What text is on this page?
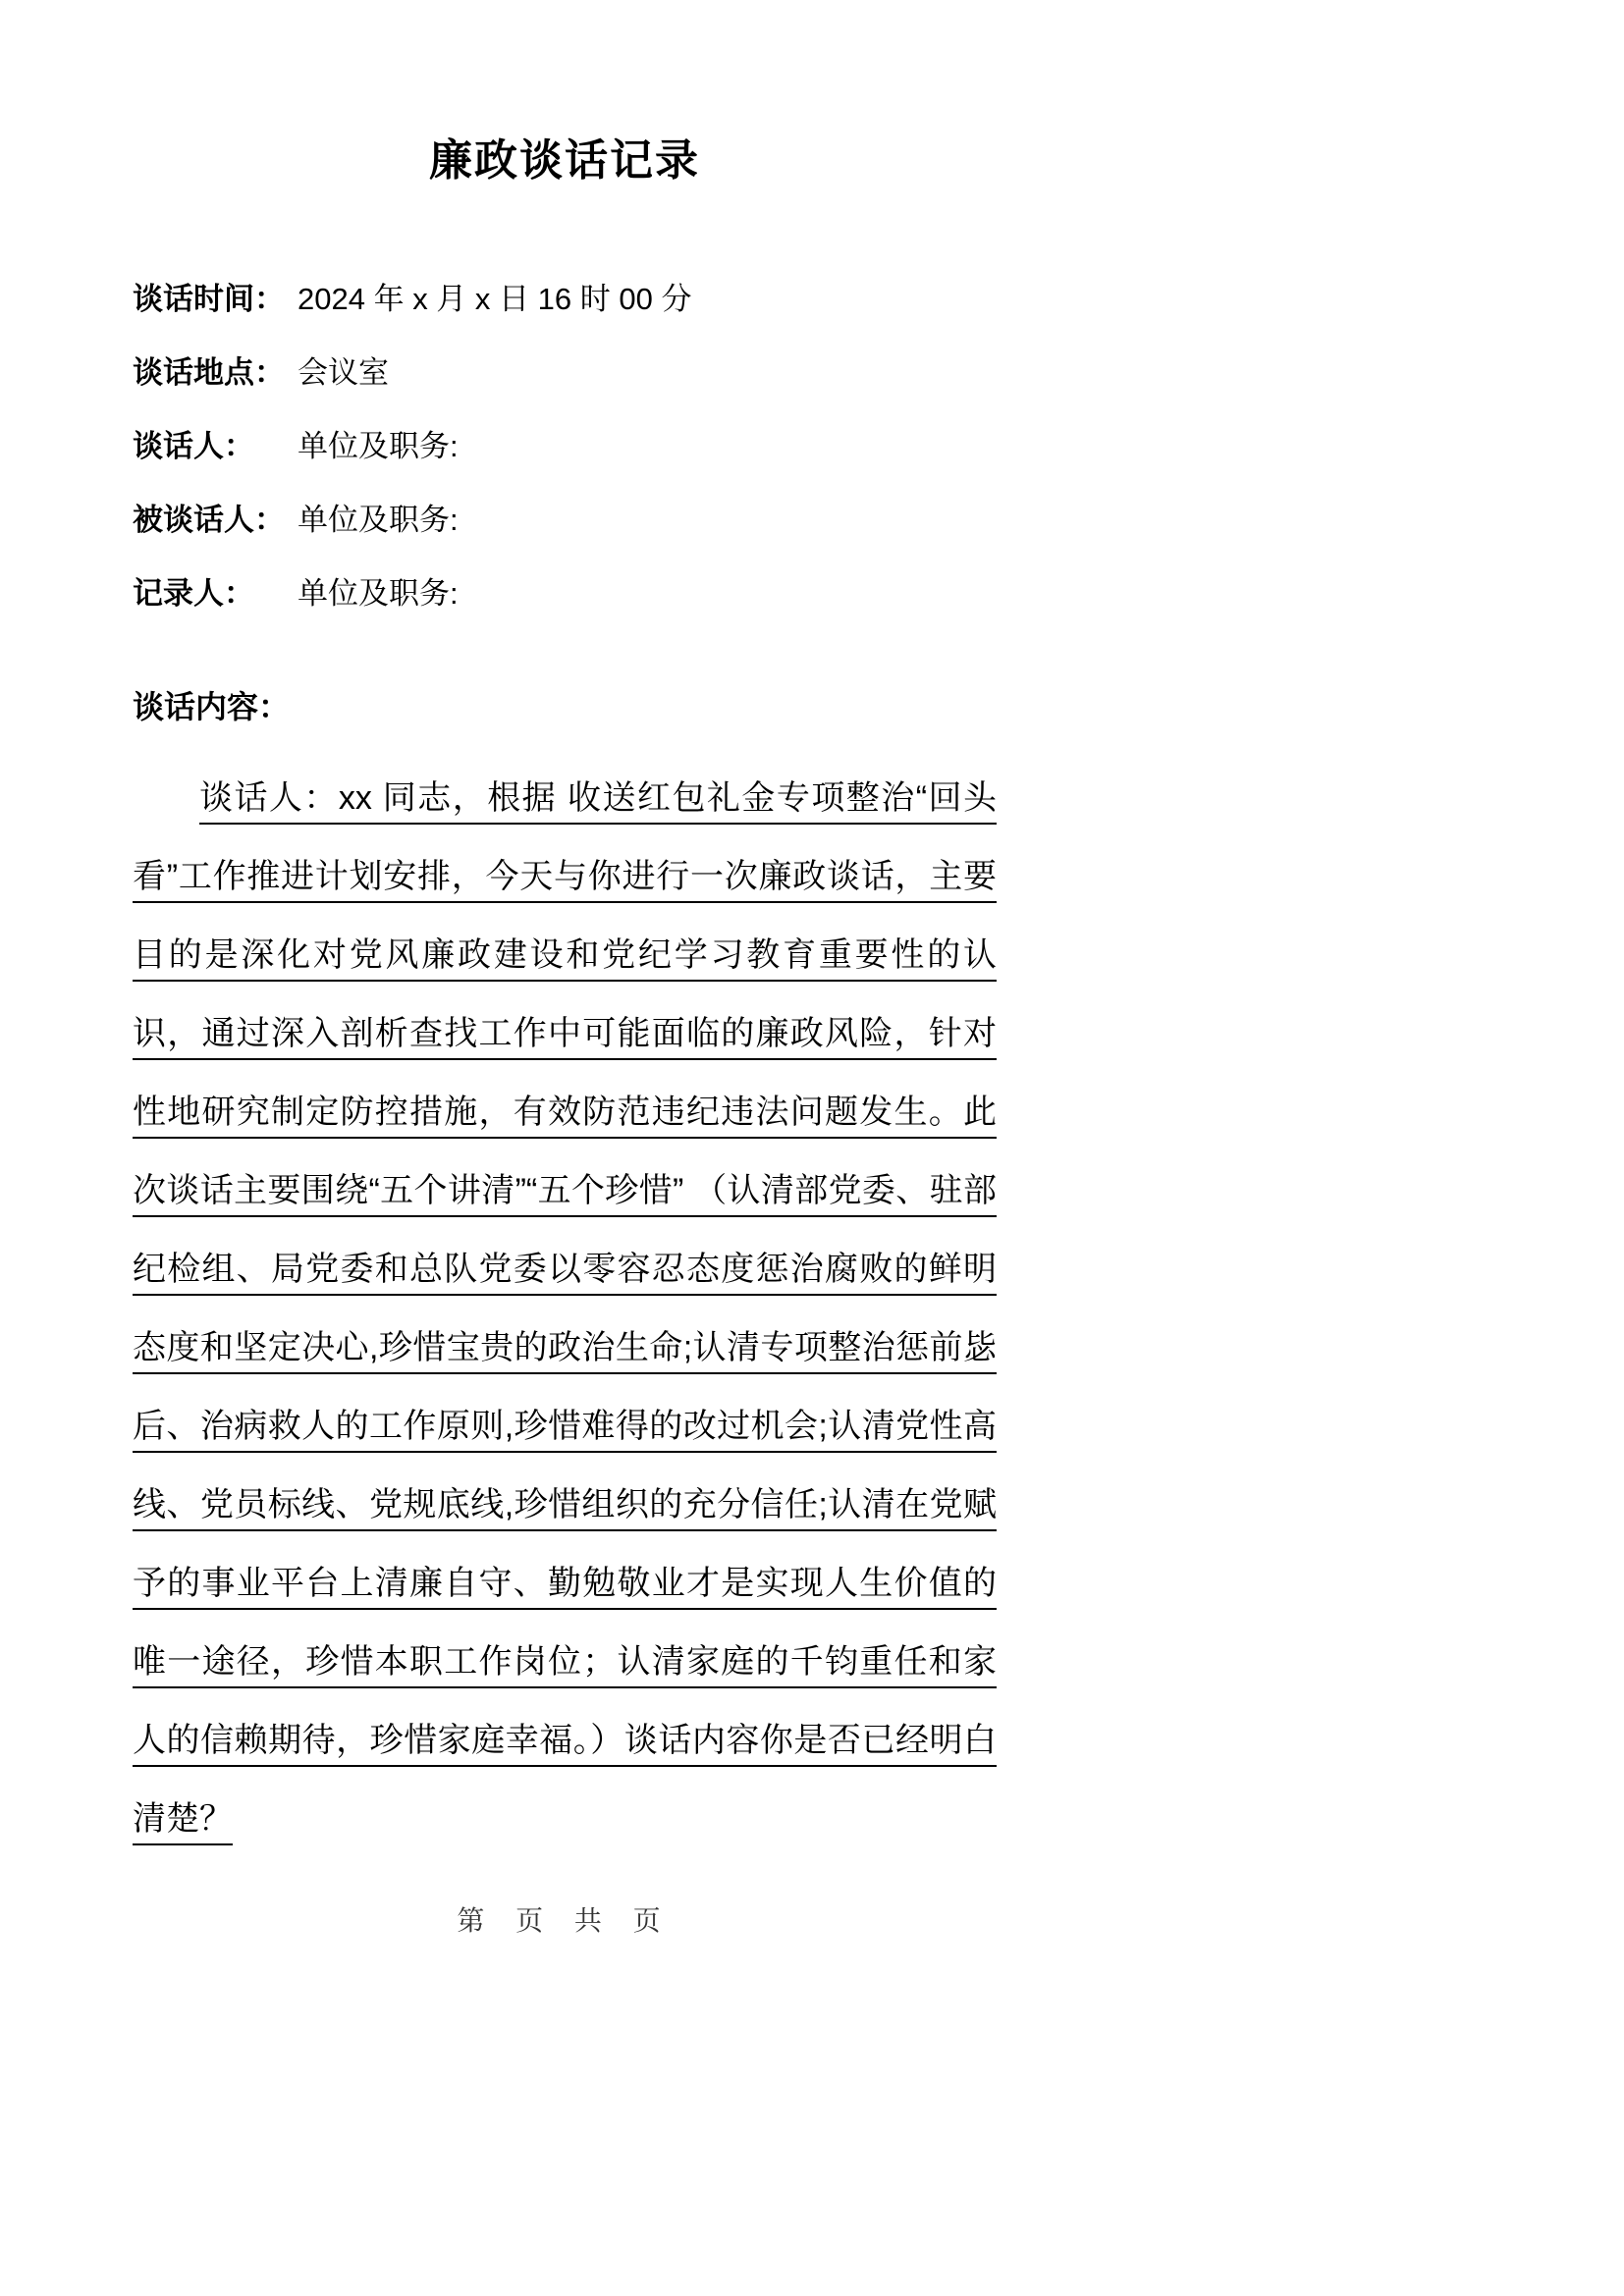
廉政谈话记录
谈话时间： 2024 年 x 月 x 日 16 时 00 分
谈话地点： 会议室
谈话人： 单位及职务:
被谈话人： 单位及职务:
记录人： 单位及职务:
谈话内容：

谈话人：xx 同志，根据 收送红包礼金专项整治“回头看”工作推进计划安排，今天与你进行一次廉政谈话，主要目的是深化对党风廉政建设和党纪学习教育重要性的认识，通过深入剖析查找工作中可能面临的廉政风险，针对性地研究制定防控措施，有效防范违纪违法问题发生。此次谈话主要围绕“五个讲清”“五个珍惜” （认清部党委、驻部纪检组、局党委和总队党委以零容忍态度惩治腐败的鲜明态度和坚定决心,珍惜宝贵的政治生命;认清专项整治惩前毖后、治病救人的工作原则,珍惜难得的改过机会;认清党性高线、党员标线、党规底线,珍惜组织的充分信任;认清在党赋予的事业平台上清廉自守、勤勉敬业才是实现人生价值的唯一途径，珍惜本职工作岗位；认清家庭的千钧重任和家人的信赖期待，珍惜家庭幸福。）谈话内容你是否已经明白清楚？

第 页 共 页
